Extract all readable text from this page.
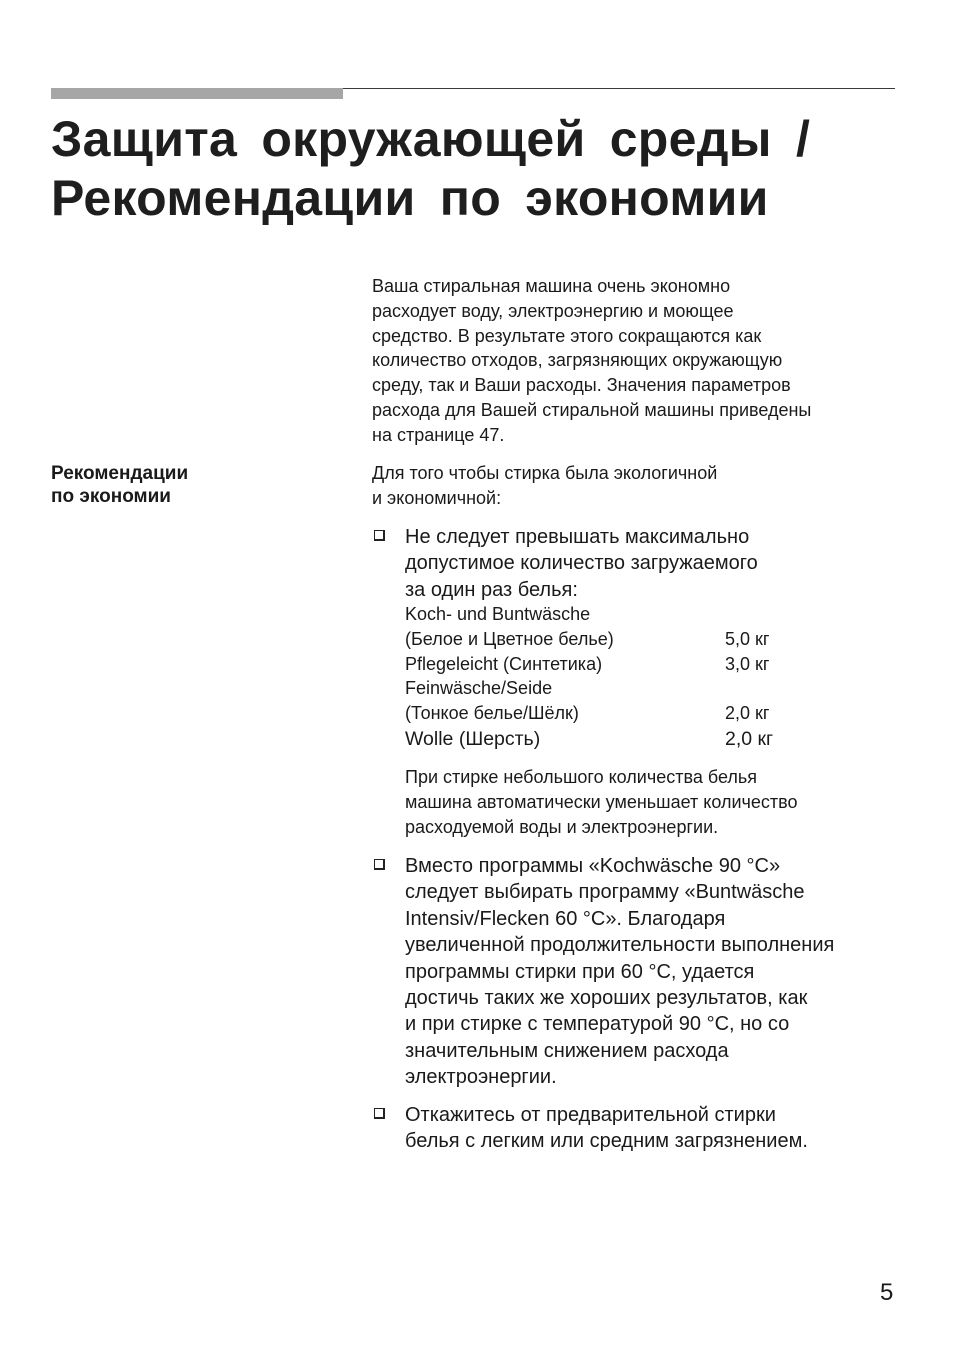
Защита окружающей среды /
Рекомендации по экономии

Ваша стиральная машина очень экономно
расходует воду, электроэнергию и моющее
средство. В результате этого сокращаются как
количество отходов, загрязняющих окружающую
среду, так и Ваши расходы. Значения параметров
расхода для Вашей стиральной машины приведены
на странице 47.

Рекомендации
по экономии

Для того чтобы стирка была экологичной
и экономичной:

Не следует превышать максимально
допустимое количество загружаемого
за один раз белья:
Koch- und Buntwäsche
(Белое и Цветное белье)	5,0 кг
Pflegeleicht (Синтетика)	3,0 кг
Feinwäsche/Seide
(Тонкое белье/Шёлк)	2,0 кг
Wolle (Шерсть)	2,0 кг
При стирке небольшого количества белья
машина автоматически уменьшает количество
расходуемой воды и электроэнергии.
Вместо программы «Kochwäsche 90 °C»
следует выбирать программу «Buntwäsche
Intensiv/Flecken 60 °C». Благодаря
увеличенной продолжительности выполнения
программы стирки при 60 °C, удается
достичь таких же хороших результатов, как
и при стирке с температурой 90 °C, но со
значительным снижением расхода
электроэнергии.
Откажитесь от предварительной стирки
белья с легким или средним загрязнением.

5
